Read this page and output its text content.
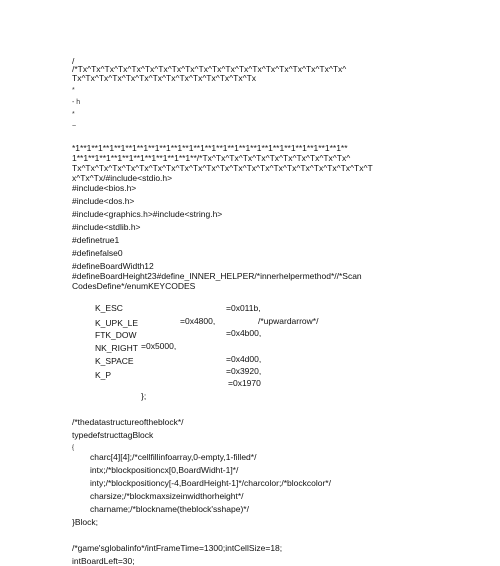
/
/*Tx^Tx^Tx^Tx^Tx^Tx^Tx^Tx^Tx^Tx^Tx^Tx^Tx^Tx^Tx^Tx^Tx^Tx^Tx^Tx^
Tx^Tx^Tx^Tx^Tx^Tx^Tx^Tx^Tx^Tx^Tx^Tx^Tx^Tx
*
- h
*
~
*1**1**1**1**1**1**1**1**1**1**1**1**1**1**1**1**1**1**1**1**1**1**1**1**
1**1**1**1**1**1**1**1**1**1**1**/*Tx^Tx^Tx^Tx^Tx^Tx^Tx^Tx^Tx^Tx^Tx^
Tx^Tx^Tx^Tx^Tx^Tx^Tx^Tx^Tx^Tx^Tx^Tx^Tx^Tx^Tx^Tx^Tx^Tx^Tx^Tx^Tx^Tx^T
x^Tx^Tx/#include<stdio.h>
#include<bios.h>
#include<dos.h>
#include<graphics.h>#include<string.h>
#include<stdlib.h>
#definetrue1
#definefalse0
#defineBoardWidth12
#defineBoardHeight23#define_INNER_HELPER/*innerhelpermethod*//*Scan CodesDefine*/enumKEYCODES
K_ESC	=0x011b,
K_UPK_LE	=0x4800,	/*upwardarrow*/
FTK_DOW	=0x4b00,
NK_RIGHT =0x5000,
K_SPACE	=0x4d00,
K_P	=0x3920,
=0x1970
};
/*thedatastructureoftheblock*/
typedefstructtagBlock
{
charc[4][4];/*cellfillinfoarray,0-empty,1-filled*/
intx;/*blockpositioncx[0,BoardWidht-1]*/
inty;/*blockpositioncy[-4,BoardHeight-1]*/charcolor;/*blockcolor*/
charsize;/*blockmaxsizeinwidthorheight*/
charname;/*blockname(theblock'sshape)*/
}Block;
/*game'sglobalinfo*/intFrameTime=1300;intCellSize=18;
intBoardLeft=30;
